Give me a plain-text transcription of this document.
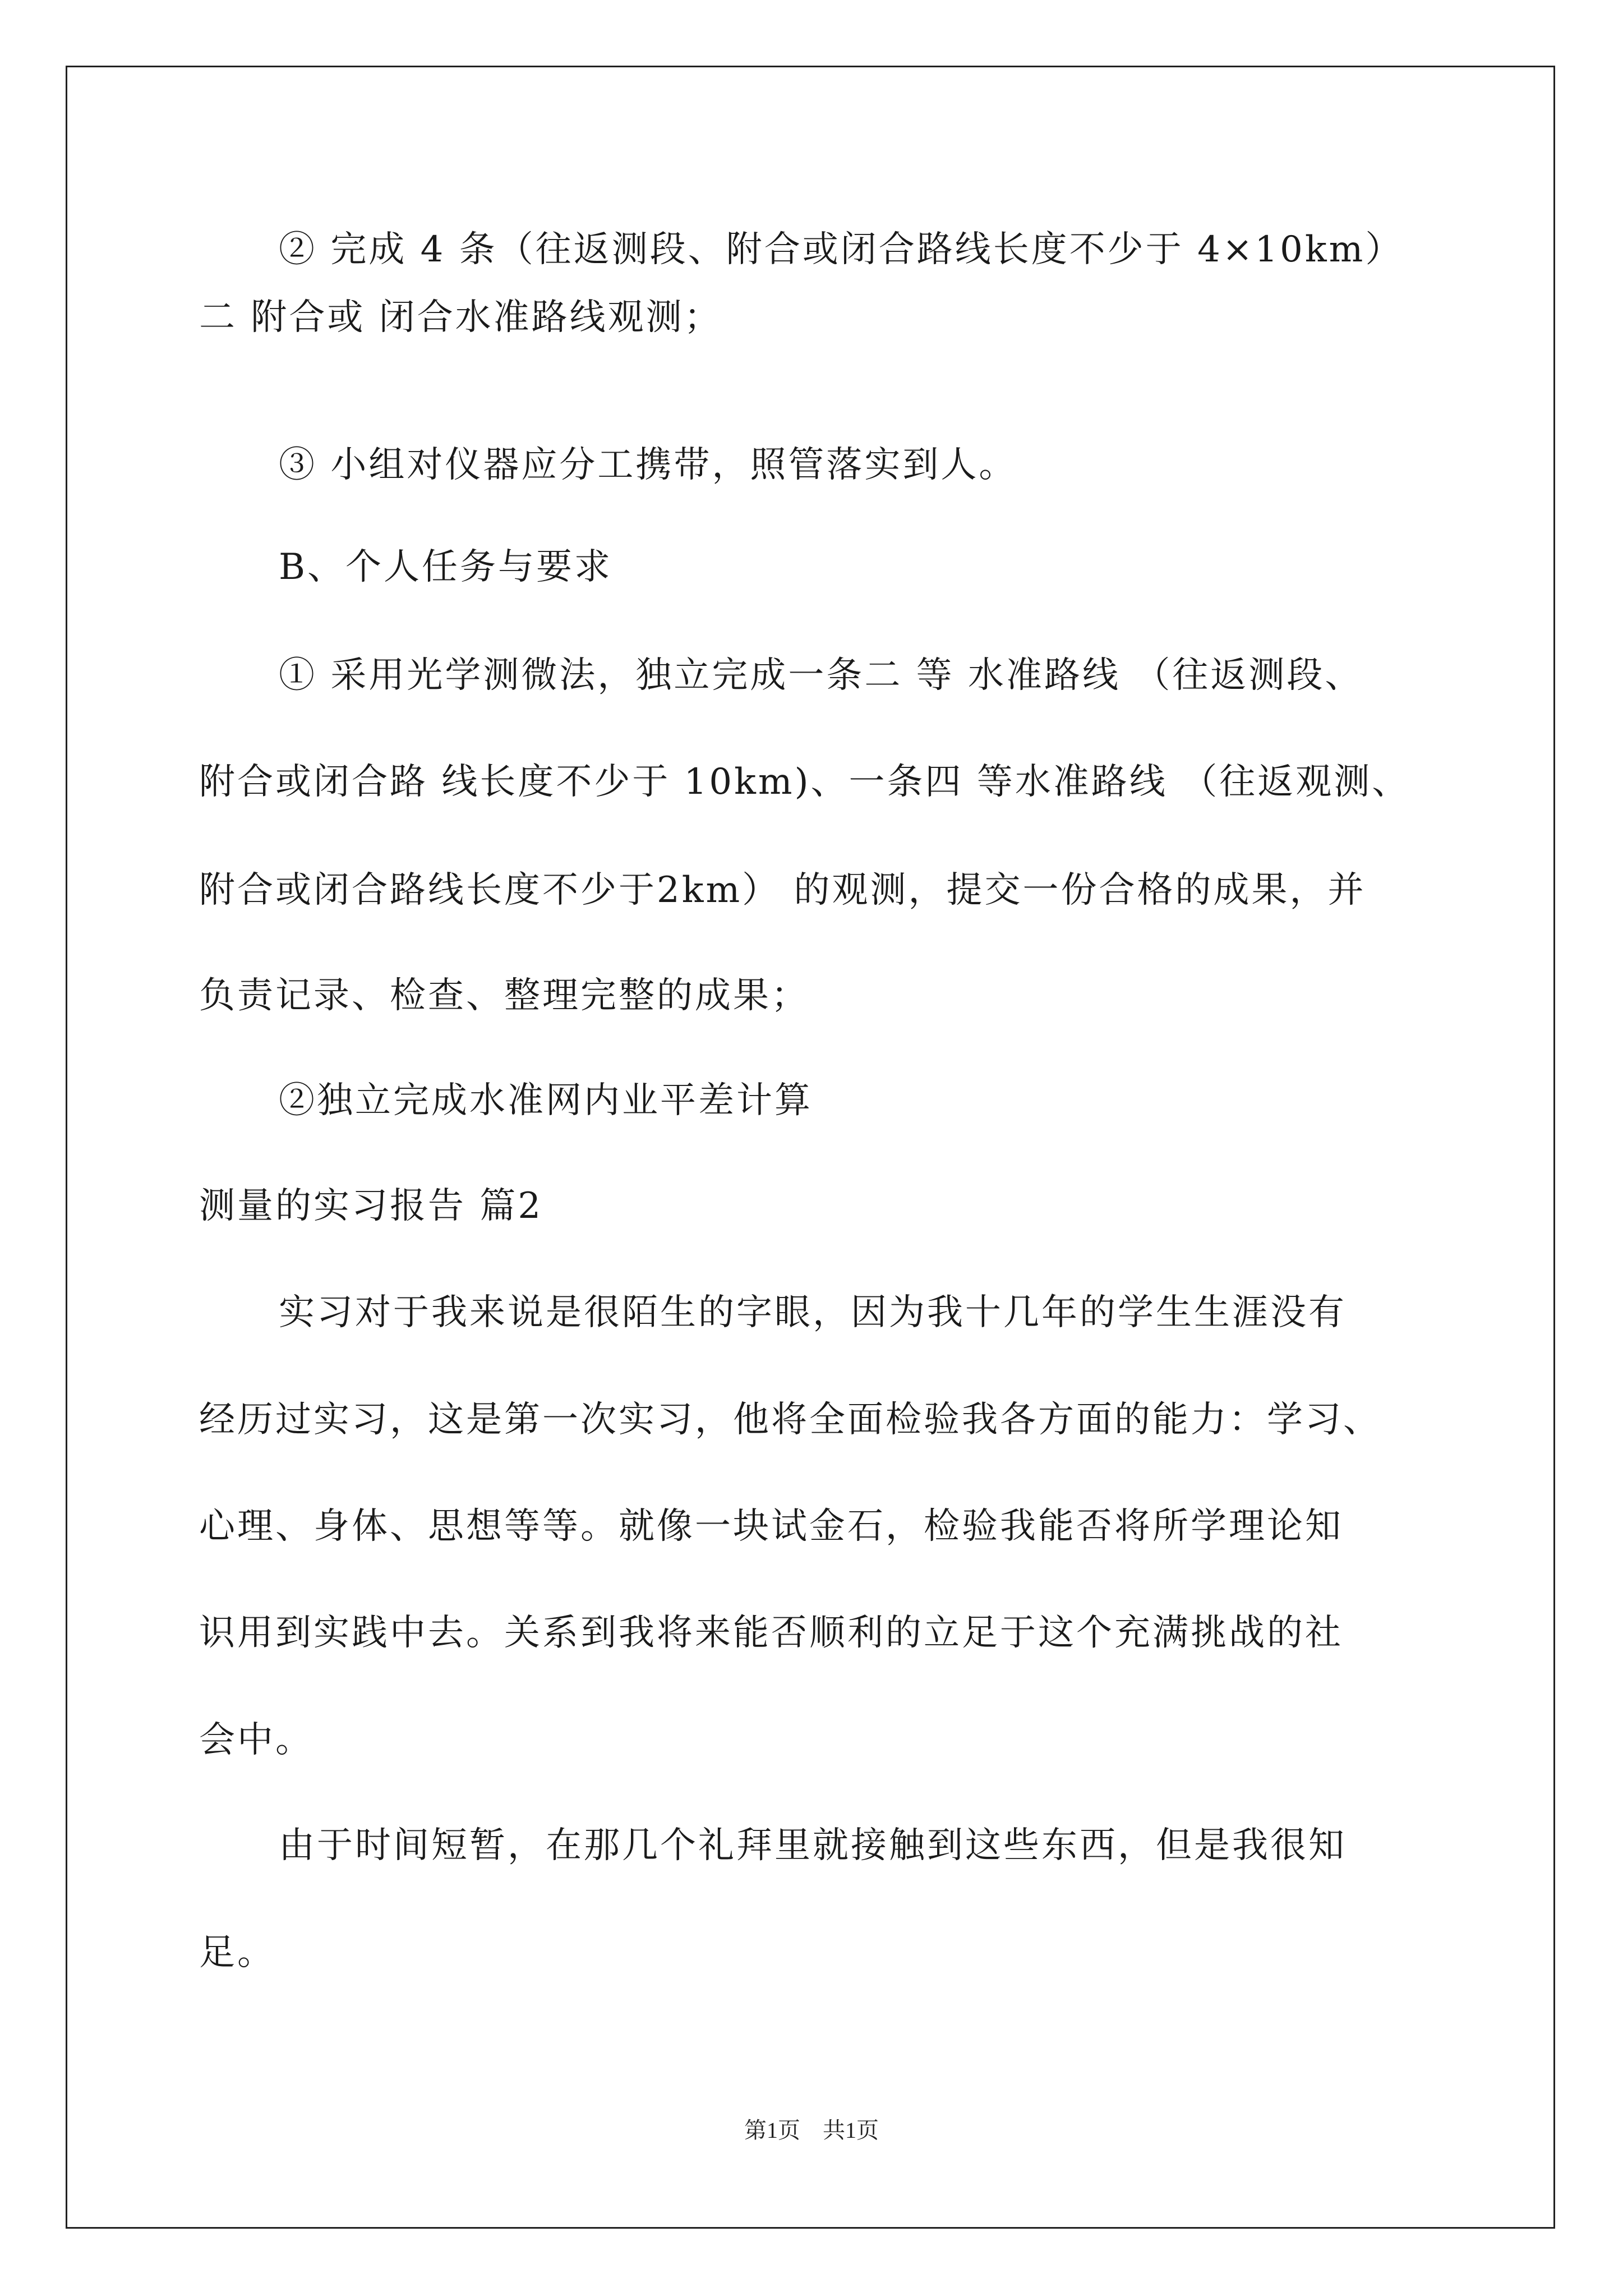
② 完成 4 条（往返测段、附合或闭合路线长度不少于 4×10km）
二 附合或 闭合水准路线观测；
③ 小组对仪器应分工携带，照管落实到人。
B、个人任务与要求
① 采用光学测微法，独立完成一条二 等 水准路线 （往返测段、
附合或闭合路 线长度不少于 10km)、一条四 等水准路线 （往返观测、
附合或闭合路线长度不少于2km） 的观测，提交一份合格的成果，并
负责记录、检查、整理完整的成果；
②独立完成水准网内业平差计算
测量的实习报告 篇2
实习对于我来说是很陌生的字眼，因为我十几年的学生生涯没有
经历过实习，这是第一次实习，他将全面检验我各方面的能力：学习、
心理、身体、思想等等。就像一块试金石，检验我能否将所学理论知
识用到实践中去。关系到我将来能否顺利的立足于这个充满挑战的社
会中。
由于时间短暂，在那几个礼拜里就接触到这些东西，但是我很知
足。
第1页　共1页
